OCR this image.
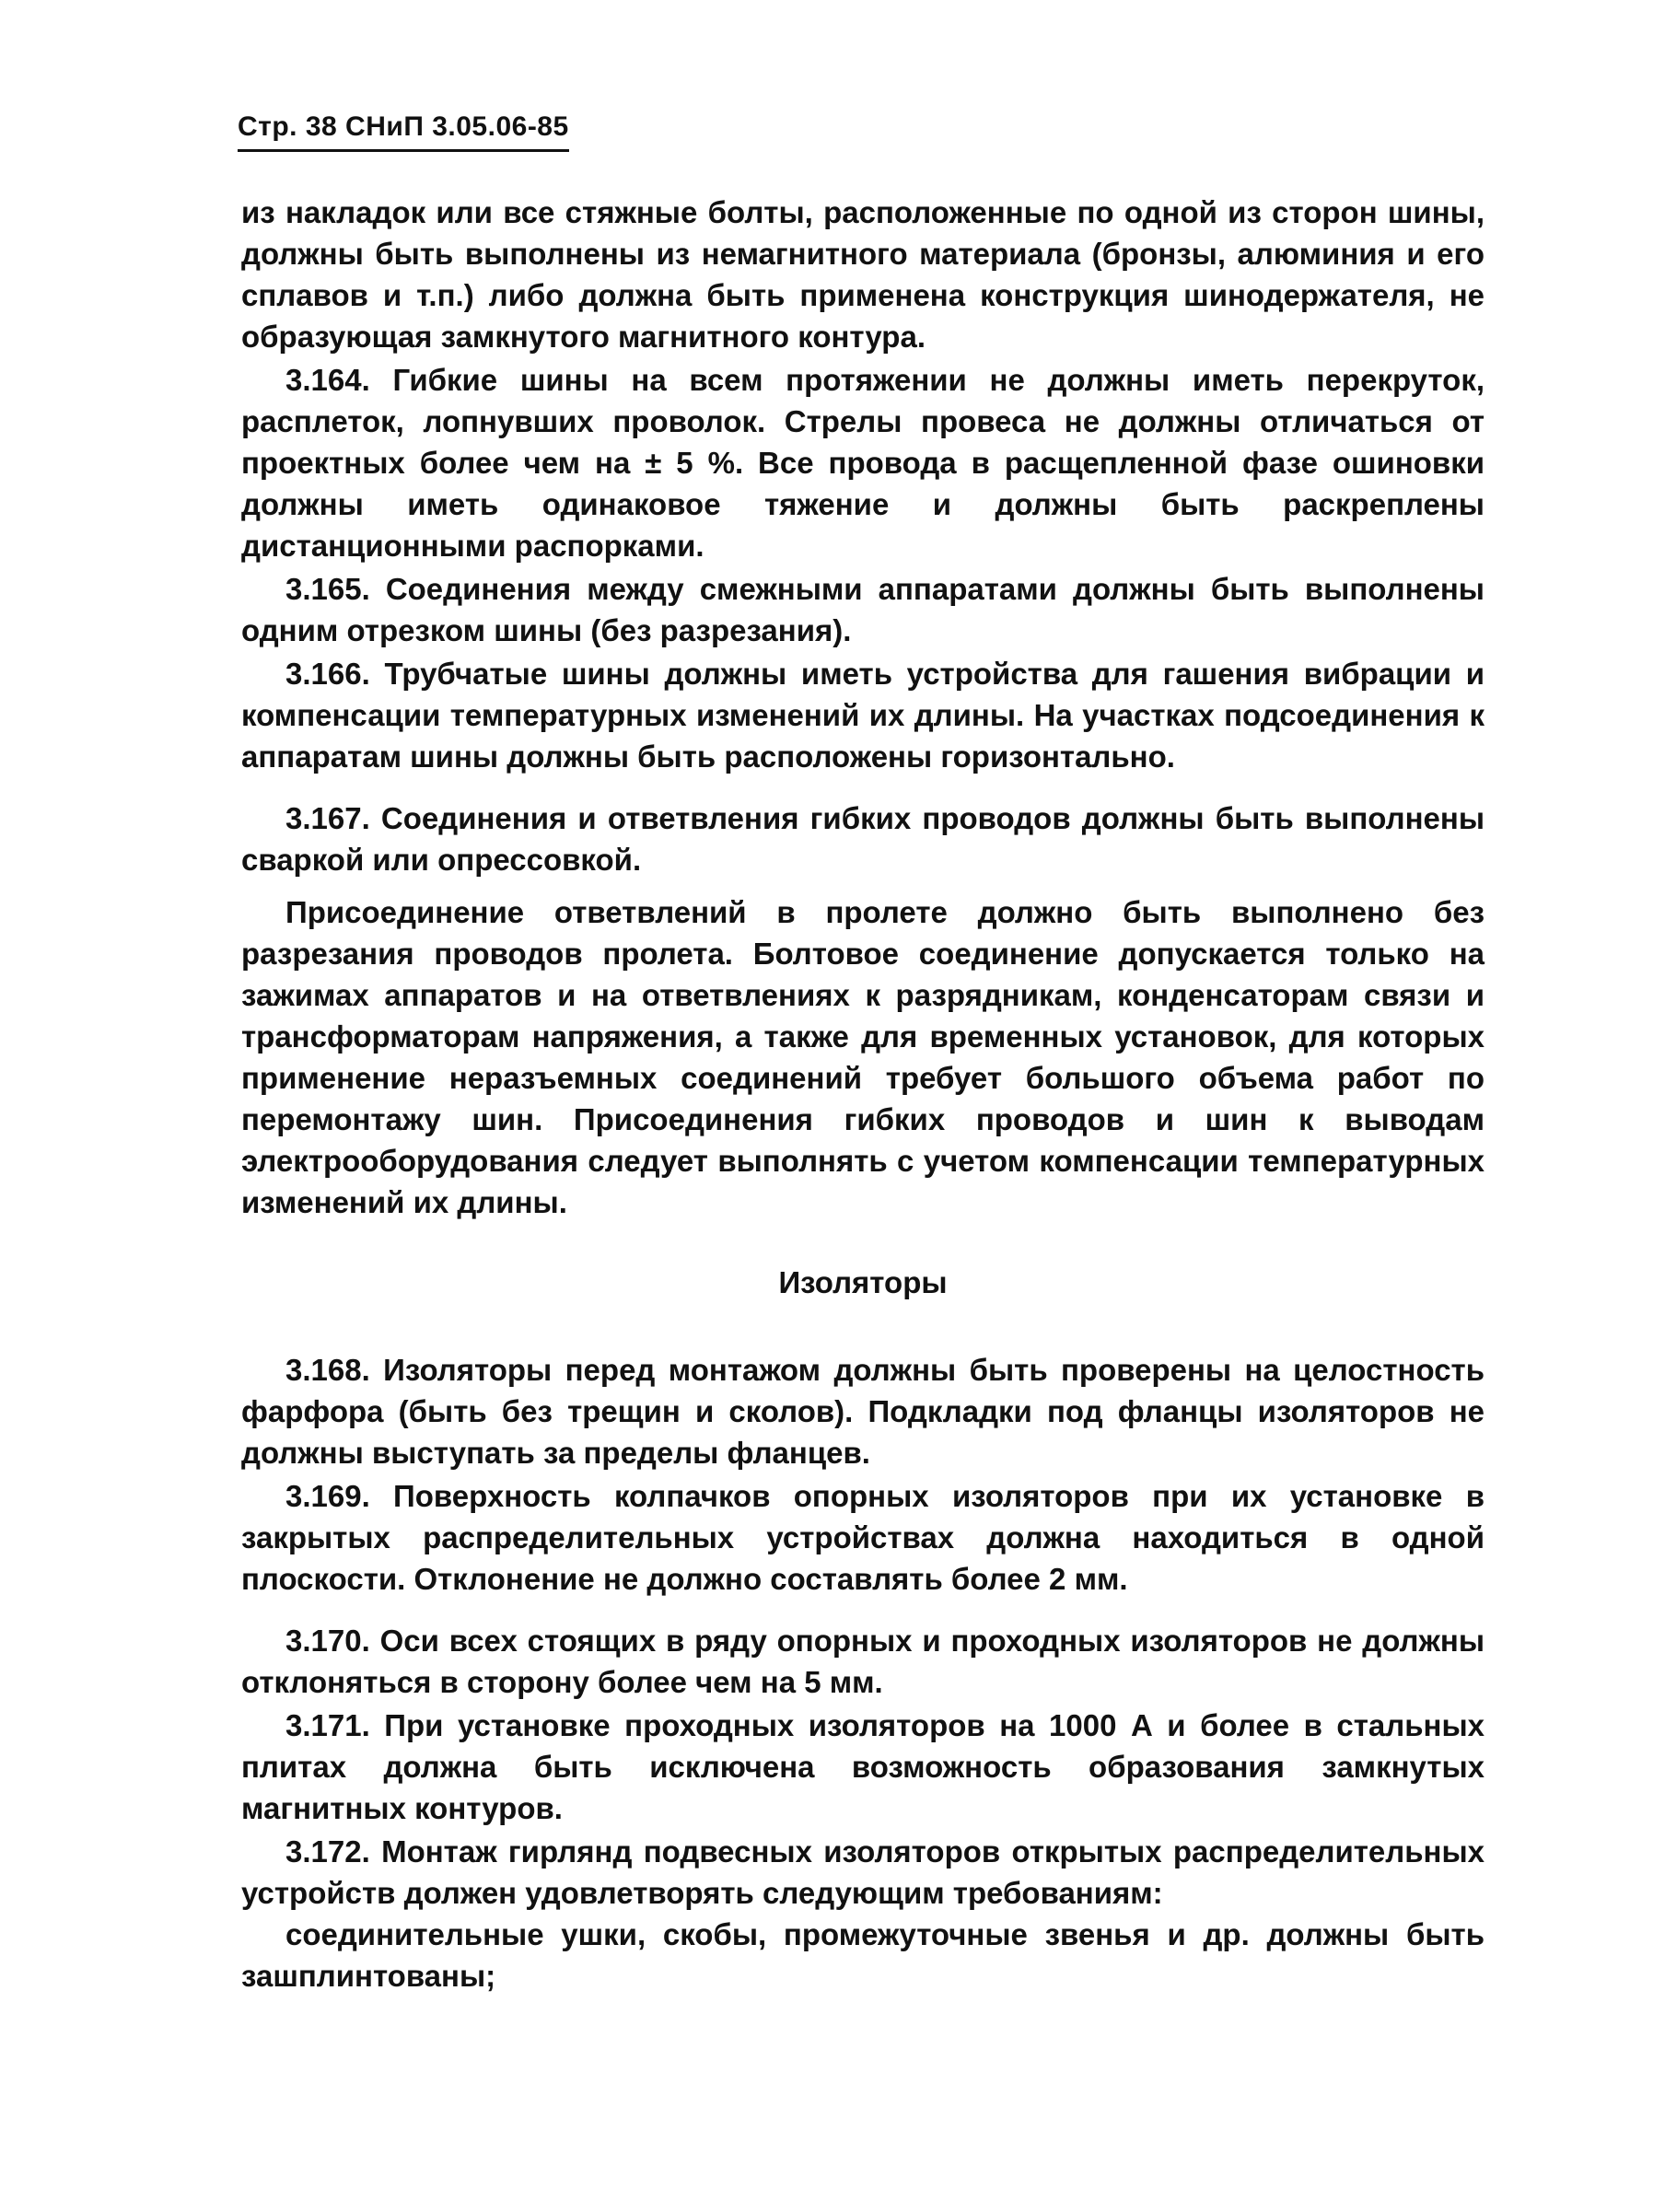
Стр. 38 СНиП 3.05.06-85

из накладок или все стяжные болты, расположенные по одной из сторон шины, должны быть выполнены из немагнитного материала (бронзы, алюминия и его сплавов и т.п.) либо должна быть применена конструкция шинодержателя, не образующая замкнутого магнитного контура.

3.164. Гибкие шины на всем протяжении не должны иметь перекруток, расплеток, лопнувших проволок. Стрелы провеса не должны отличаться от проектных более чем на ± 5 %. Все провода в расщепленной фазе ошиновки должны иметь одинаковое тяжение и должны быть раскреплены дистанционными распорками.

3.165. Соединения между смежными аппаратами должны быть выполнены одним отрезком шины (без разрезания).

3.166. Трубчатые шины должны иметь устройства для гашения вибрации и компенсации температурных изменений их длины. На участках подсоединения к аппаратам шины должны быть расположены горизонтально.

3.167. Соединения и ответвления гибких проводов должны быть выполнены сваркой или опрессовкой.

Присоединение ответвлений в пролете должно быть выполнено без разрезания проводов пролета. Болтовое соединение допускается только на зажимах аппаратов и на ответвлениях к разрядникам, конденсаторам связи и трансформаторам напряжения, а также для временных установок, для которых применение неразъемных соединений требует большого объема работ по перемонтажу шин. Присоединения гибких проводов и шин к выводам электрооборудования следует выполнять с учетом компенсации температурных изменений их длины.

Изоляторы

3.168. Изоляторы перед монтажом должны быть проверены на целостность фарфора (быть без трещин и сколов). Подкладки под фланцы изоляторов не должны выступать за пределы фланцев.

3.169. Поверхность колпачков опорных изоляторов при их установке в закрытых распределительных устройствах должна находиться в одной плоскости. Отклонение не должно составлять более 2 мм.

3.170. Оси всех стоящих в ряду опорных и проходных изоляторов не должны отклоняться в сторону более чем на 5 мм.

3.171. При установке проходных изоляторов на 1000 А и более в стальных плитах должна быть исключена возможность образования замкнутых магнитных контуров.

3.172. Монтаж гирлянд подвесных изоляторов открытых распределительных устройств должен удовлетворять следующим требованиям:

соединительные ушки, скобы, промежуточные звенья и др. должны быть зашплинтованы;
